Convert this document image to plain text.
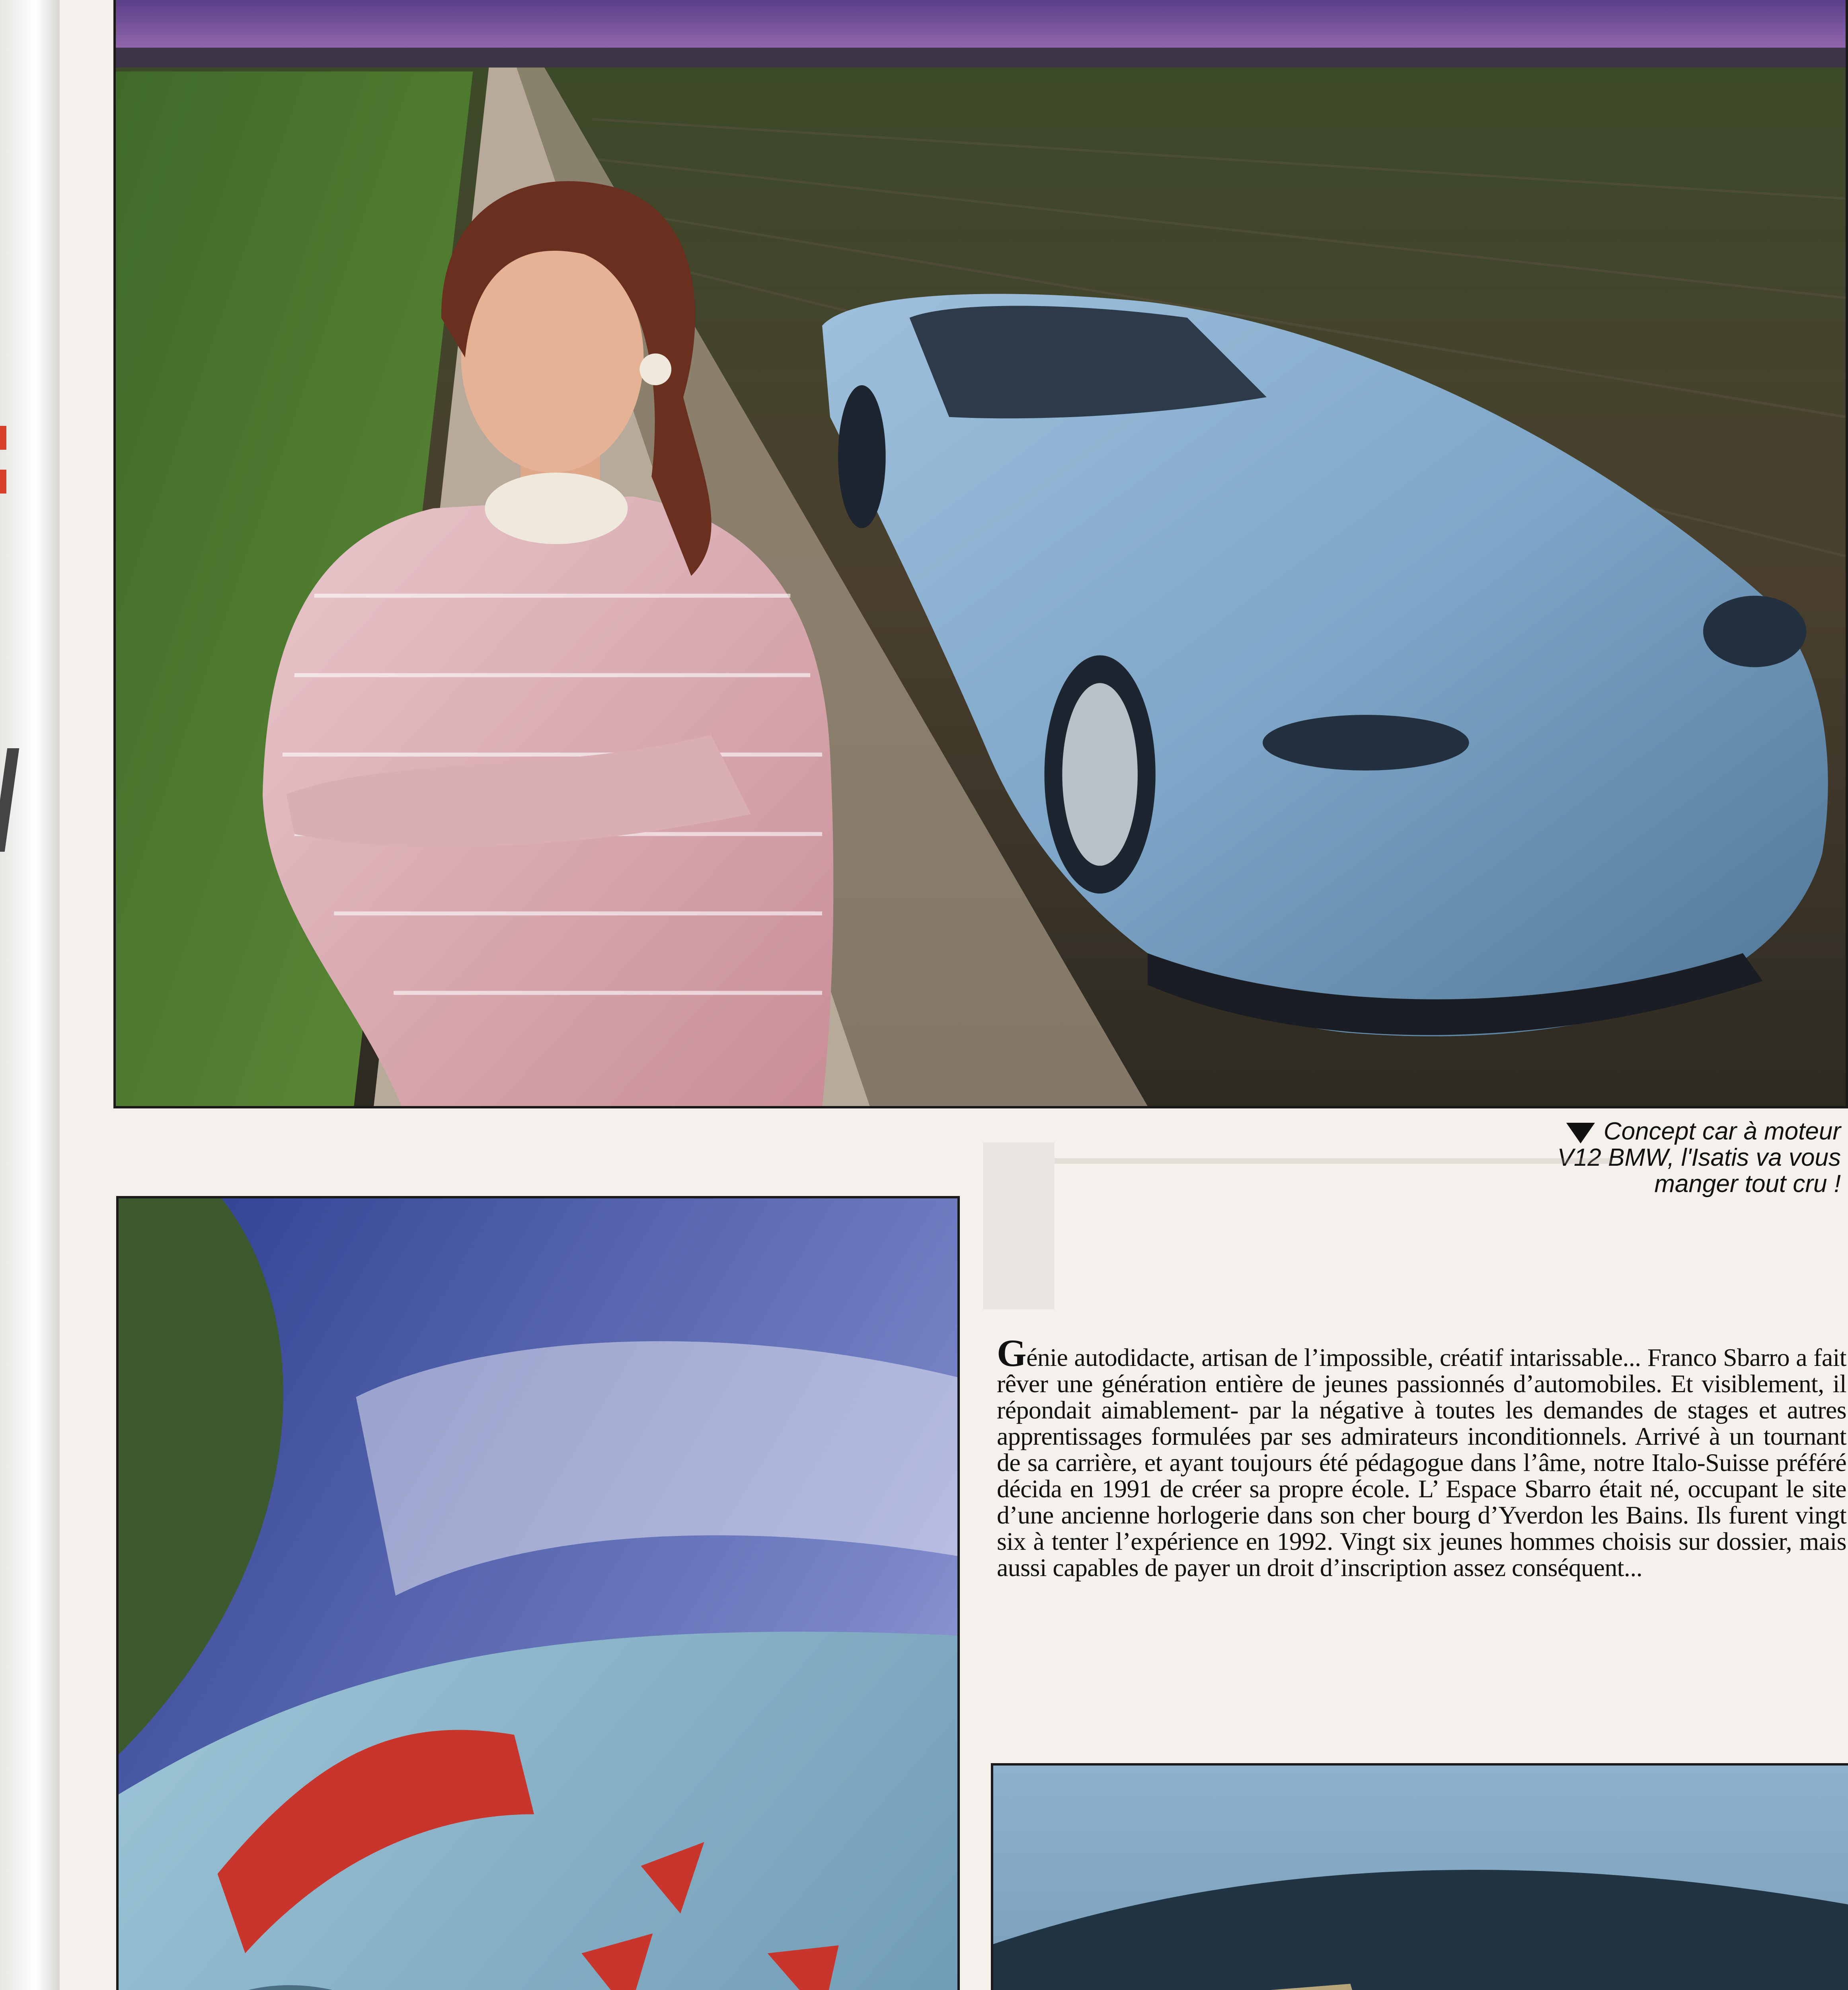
Concept car à moteur
V12 BMW, l'Isatis va vous
manger tout cru !
Génie autodidacte, artisan de l’impossible, créatif intarissable... Franco Sbarro a fait rêver une génération entière de jeunes passionnés d’automobiles. Et visiblement, il répondait aimablement- par la négative à toutes les demandes de stages et autres apprentissages formulées par ses admirateurs inconditionnels. Arrivé à un tournant de sa carrière, et ayant toujours été pédagogue dans l’âme, notre Italo-Suisse préféré décida en 1991 de créer sa propre école. L’ Espace Sbarro était né, occupant le site d’une ancienne horlogerie dans son cher bourg d’Yverdon les Bains. Ils furent vingt six à tenter l’expérience en 1992. Vingt six jeunes hommes choisis sur dossier, mais aussi capables de payer un droit d’inscription assez conséquent...
